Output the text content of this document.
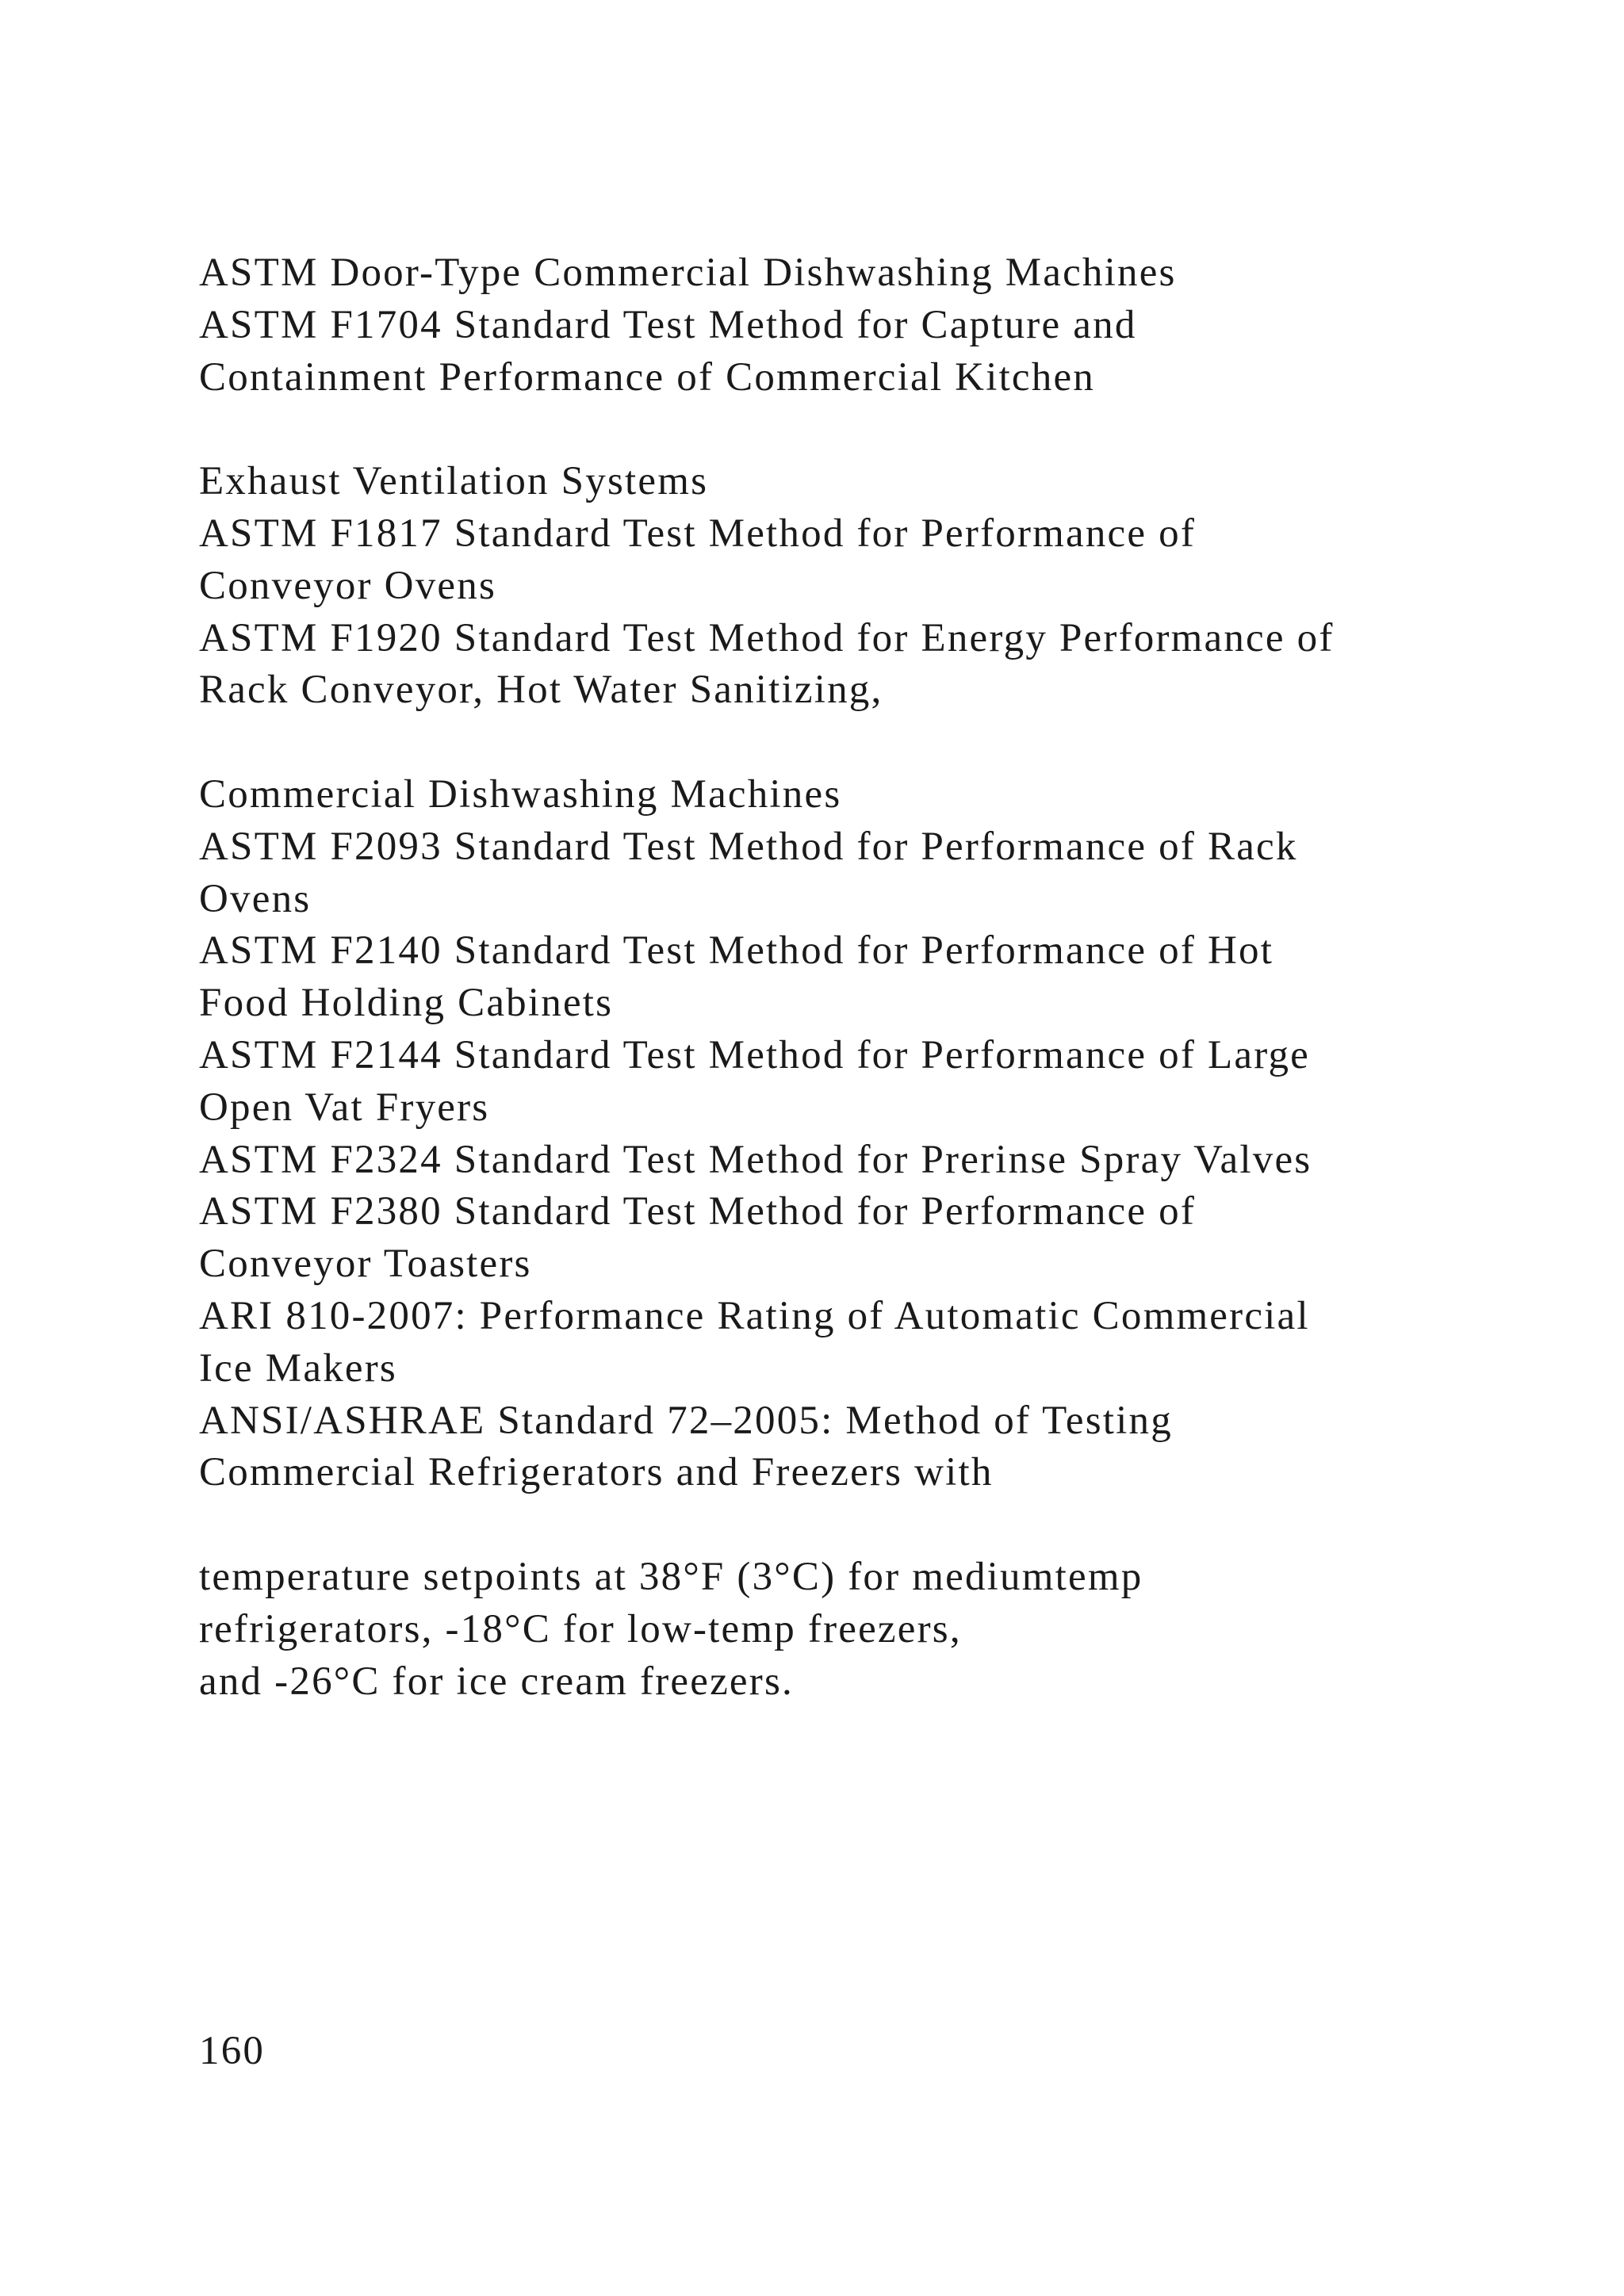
ASTM Door-Type Commercial Dishwashing Machines
ASTM F1704 Standard Test Method for Capture and
Containment Performance of Commercial Kitchen
Exhaust Ventilation Systems
ASTM F1817 Standard Test Method for Performance of
Conveyor Ovens
ASTM F1920 Standard Test Method for Energy Performance of
Rack Conveyor, Hot Water Sanitizing,
Commercial Dishwashing Machines
ASTM F2093 Standard Test Method for Performance of Rack
Ovens
ASTM F2140 Standard Test Method for Performance of Hot
Food Holding Cabinets
ASTM F2144 Standard Test Method for Performance of Large
Open Vat Fryers
ASTM F2324 Standard Test Method for Prerinse Spray Valves
ASTM F2380 Standard Test Method for Performance of
Conveyor Toasters
ARI 810-2007: Performance Rating of Automatic Commercial
Ice Makers
ANSI/ASHRAE Standard 72–2005: Method of Testing
Commercial Refrigerators and Freezers with
temperature setpoints at 38°F (3°C) for mediumtemp
refrigerators, -18°C for low-temp freezers,
and -26°C for ice cream freezers.
160
